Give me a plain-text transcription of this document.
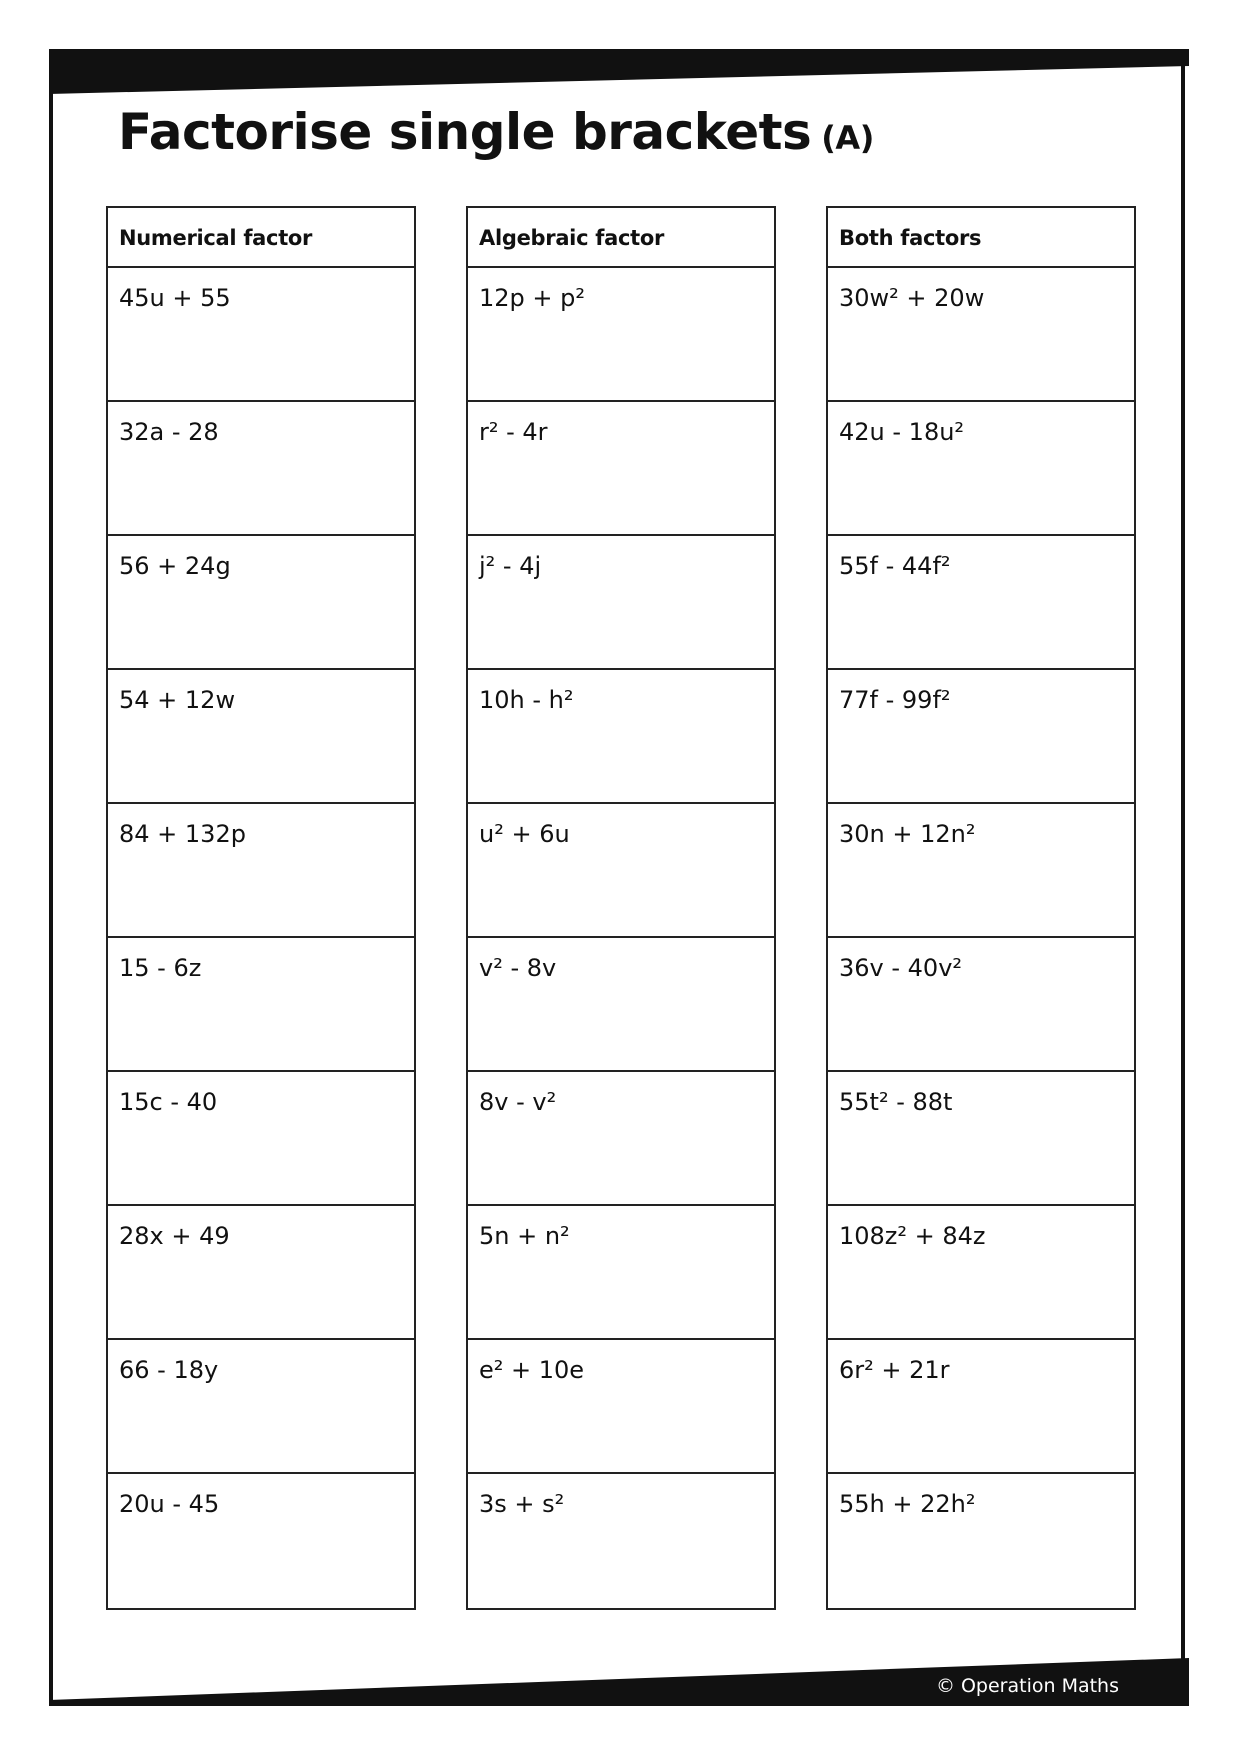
Factorise single brackets (A)
Numerical factor
45u + 55
32a - 28
56 + 24g
54 + 12w
84 + 132p
15 - 6z
15c - 40
28x + 49
66 - 18y
20u - 45
Algebraic factor
12p + p²
r² - 4r
j² - 4j
10h - h²
u² + 6u
v² - 8v
8v - v²
5n + n²
e² + 10e
3s + s²
Both factors
30w² + 20w
42u - 18u²
55f - 44f²
77f - 99f²
30n + 12n²
36v - 40v²
55t² - 88t
108z² + 84z
6r² + 21r
55h + 22h²
© Operation Maths
